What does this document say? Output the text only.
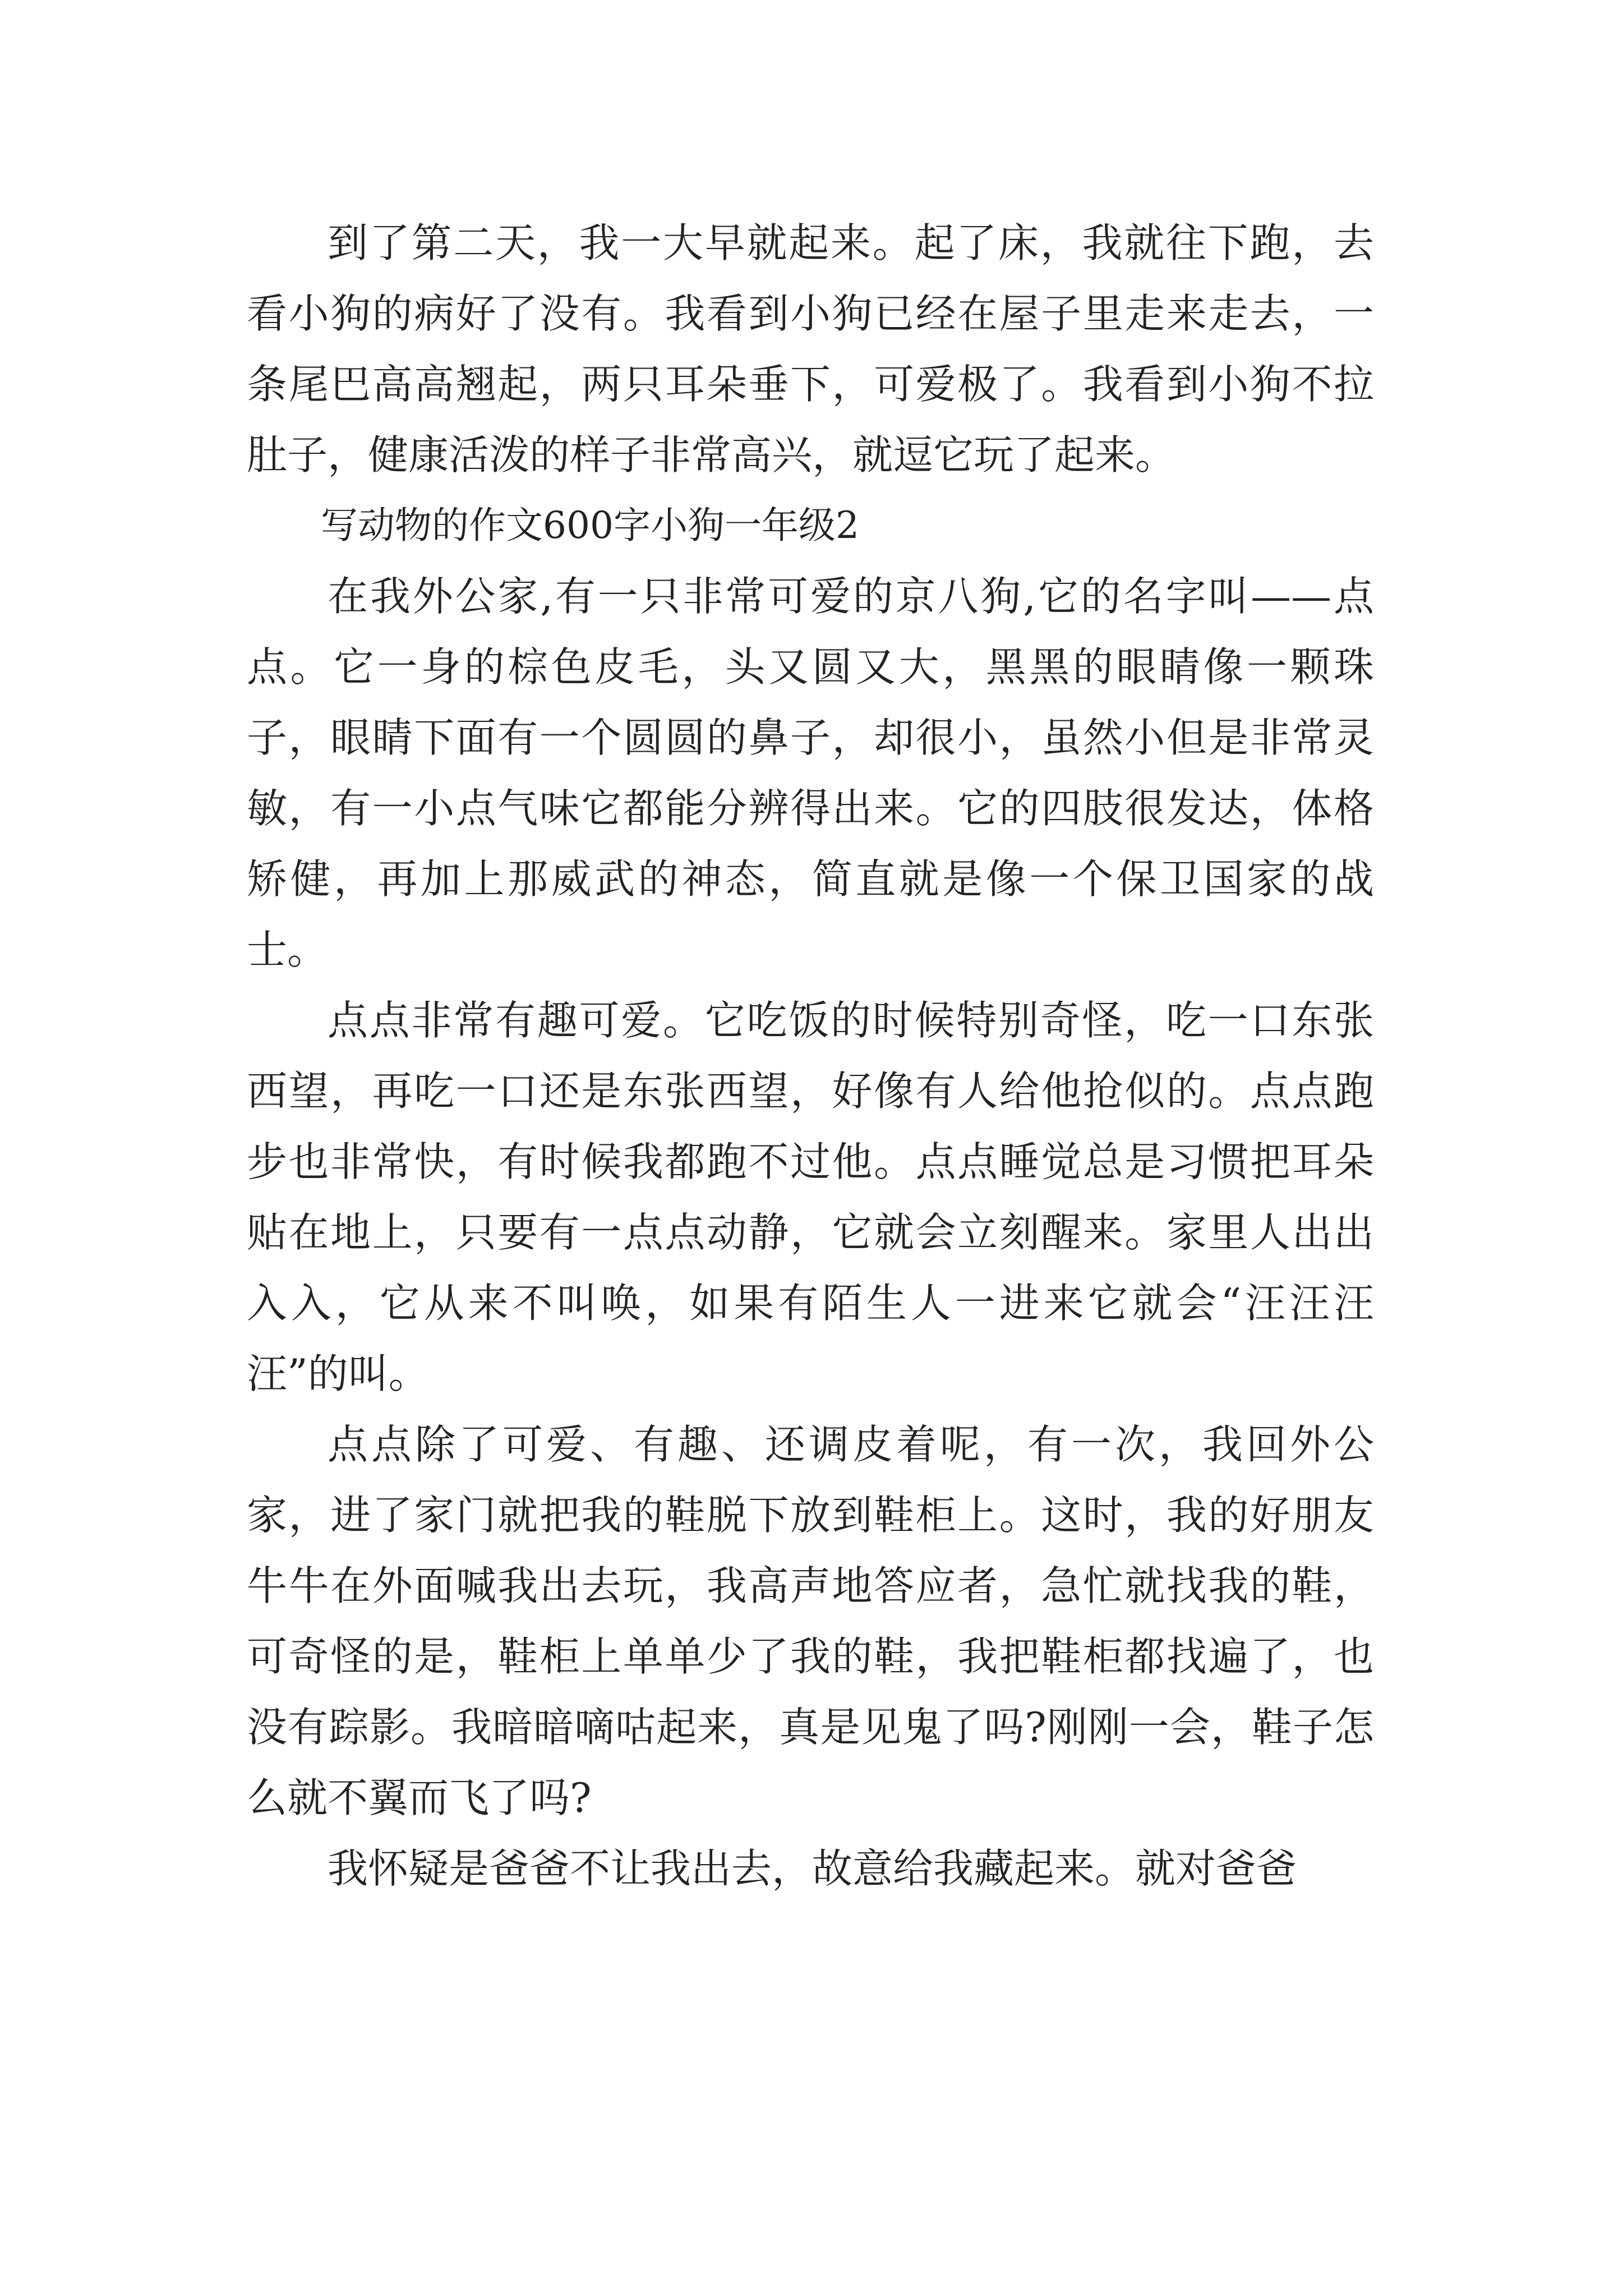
到了第二天，我一大早就起来。起了床，我就往下跑，去看小狗的病好了没有。我看到小狗已经在屋子里走来走去，一条尾巴高高翘起，两只耳朵垂下，可爱极了。我看到小狗不拉肚子，健康活泼的样子非常高兴，就逗它玩了起来。

写动物的作文600字小狗一年级2

在我外公家,有一只非常可爱的京八狗,它的名字叫——点点。它一身的棕色皮毛，头又圆又大，黑黑的眼睛像一颗珠子，眼睛下面有一个圆圆的鼻子，却很小，虽然小但是非常灵敏，有一小点气味它都能分辨得出来。它的四肢很发达，体格矫健，再加上那威武的神态，简直就是像一个保卫国家的战士。

点点非常有趣可爱。它吃饭的时候特别奇怪，吃一口东张西望，再吃一口还是东张西望，好像有人给他抢似的。点点跑步也非常快，有时候我都跑不过他。点点睡觉总是习惯把耳朵贴在地上，只要有一点点动静，它就会立刻醒来。家里人出出入入，它从来不叫唤，如果有陌生人一进来它就会“汪汪汪汪”的叫。

点点除了可爱、有趣、还调皮着呢，有一次，我回外公家，进了家门就把我的鞋脱下放到鞋柜上。这时，我的好朋友牛牛在外面喊我出去玩，我高声地答应者，急忙就找我的鞋，可奇怪的是，鞋柜上单单少了我的鞋，我把鞋柜都找遍了，也没有踪影。我暗暗嘀咕起来，真是见鬼了吗?刚刚一会，鞋子怎么就不翼而飞了吗?

我怀疑是爸爸不让我出去，故意给我藏起来。就对爸爸
